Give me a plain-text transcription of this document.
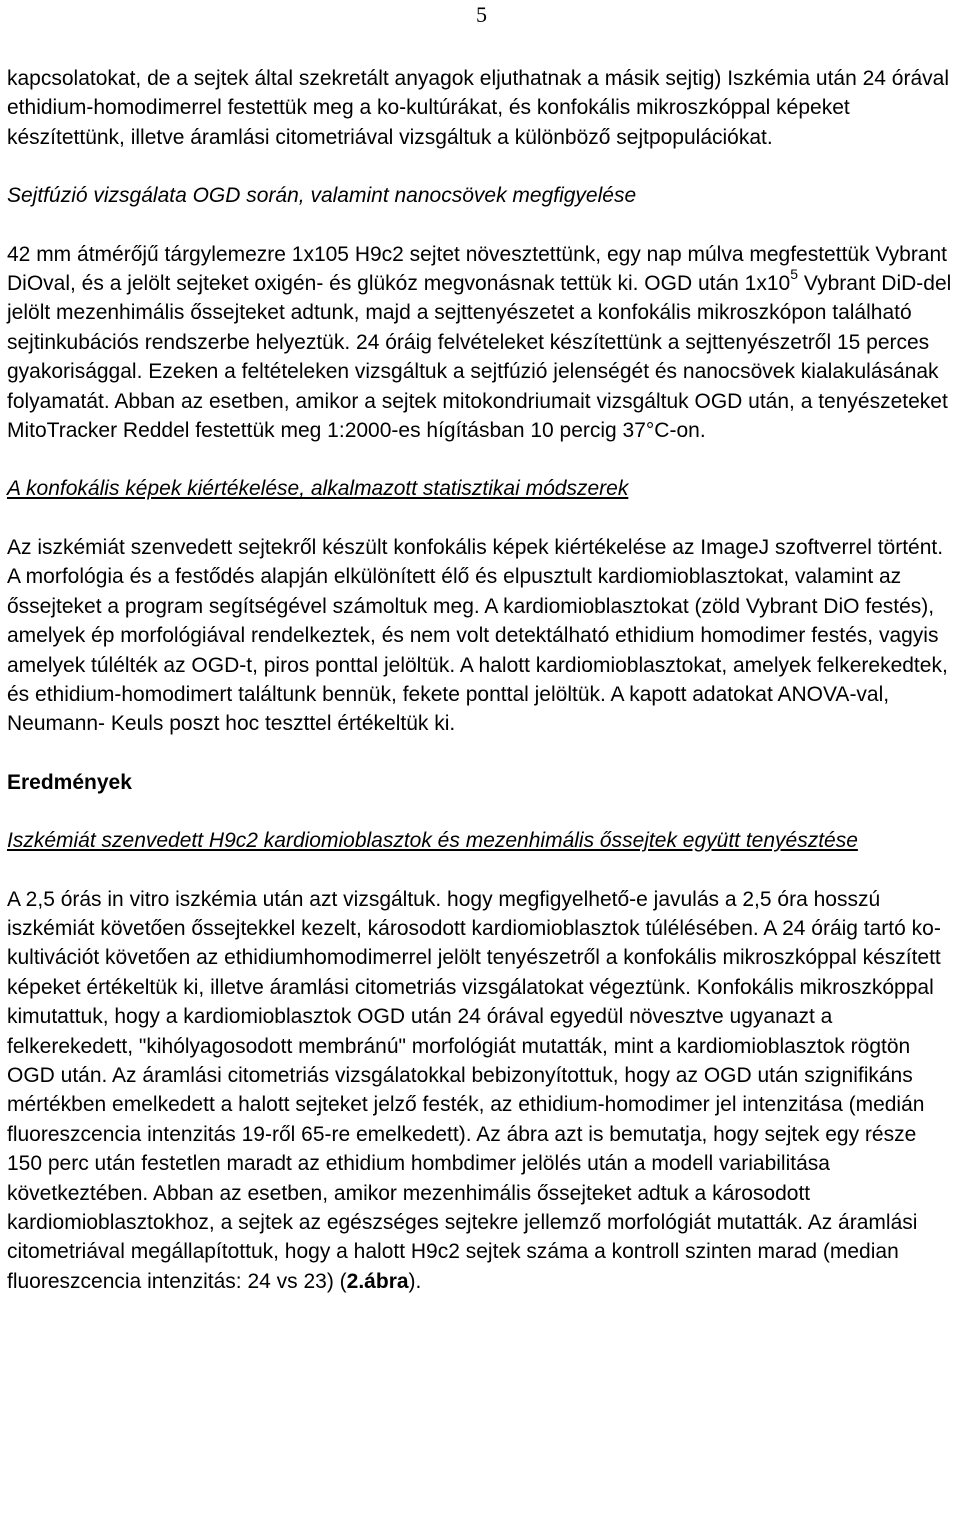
5

kapcsolatokat, de a sejtek által szekretált anyagok eljuthatnak a másik sejtig) Iszkémia után 24 órával ethidium-homodimerrel festettük meg a ko-kultúrákat, és konfokális mikroszkóppal képeket készítettünk, illetve áramlási citometriával vizsgáltuk a különböző sejtpopulációkat.

Sejtfúzió vizsgálata OGD során, valamint nanocsövek megfigyelése

42 mm átmérőjű tárgylemezre 1x105 H9c2 sejtet növesztettünk, egy nap múlva megfestettük Vybrant DiOval, és a jelölt sejteket oxigén- és glükóz megvonásnak tettük ki. OGD után $1x10^5$ Vybrant DiD-del jelölt mezenhimális őssejteket adtunk, majd a sejttenyészetet a konfokális mikroszkópon található sejtinkubációs rendszerbe helyeztük. 24 óráig felvételeket készítettünk a sejttenyészetről 15 perces gyakorisággal. Ezeken a feltételeken vizsgáltuk a sejtfúzió jelenségét és nanocsövek kialakulásának folyamatát. Abban az esetben, amikor a sejtek mitokondriumait vizsgáltuk OGD után, a tenyészeteket MitoTracker Reddel festettük meg 1:2000-es hígításban 10 percig 37°C-on.

A konfokális képek kiértékelése, alkalmazott statisztikai módszerek

Az iszkémiát szenvedett sejtekről készült konfokális képek kiértékelése az ImageJ szoftverrel történt. A morfológia és a festődés alapján elkülönített élő és elpusztult kardiomioblasztokat, valamint az őssejteket a program segítségével számoltuk meg. A kardiomioblasztokat (zöld Vybrant DiO festés), amelyek ép morfológiával rendelkeztek, és nem volt detektálható ethidium homodimer festés, vagyis amelyek túlélték az OGD-t, piros ponttal jelöltük. A halott kardiomioblasztokat, amelyek felkerekedtek, és ethidium-homodimert találtunk bennük, fekete ponttal jelöltük. A kapott adatokat ANOVA-val, Neumann- Keuls poszt hoc teszttel értékeltük ki.

Eredmények

Iszkémiát szenvedett H9c2 kardiomioblasztok és mezenhimális őssejtek együtt tenyésztése

A 2,5 órás in vitro iszkémia után azt vizsgáltuk. hogy megfigyelhető-e javulás a 2,5 óra hosszú iszkémiát követően őssejtekkel kezelt, károsodott kardiomioblasztok túlélésében. A 24 óráig tartó ko-kultivációt követően az ethidiumhomodimerrel jelölt tenyészetről a konfokális mikroszkóppal készített képeket értékeltük ki, illetve áramlási citometriás vizsgálatokat végeztünk. Konfokális mikroszkóppal kimutattuk, hogy a kardiomioblasztok OGD után 24 órával egyedül növesztve ugyanazt a felkerekedett, "kihólyagosodott membránú" morfológiát mutatták, mint a kardiomioblasztok rögtön OGD után. Az áramlási citometriás vizsgálatokkal bebizonyítottuk, hogy az OGD után szignifikáns mértékben emelkedett a halott sejteket jelző festék, az ethidium-homodimer jel intenzitása (medián fluoreszcencia intenzitás 19-ről 65-re emelkedett). Az ábra azt is bemutatja, hogy sejtek egy része 150 perc után festetlen maradt az ethidium hombdimer jelölés után a modell variabilitása következtében. Abban az esetben, amikor mezenhimális őssejteket adtuk a károsodott kardiomioblasztokhoz, a sejtek az egészséges sejtekre jellemző morfológiát mutatták. Az áramlási citometriával megállapítottuk, hogy a halott H9c2 sejtek száma a kontroll szinten marad (median fluoreszcencia intenzitás: 24 vs 23) (2.ábra).
